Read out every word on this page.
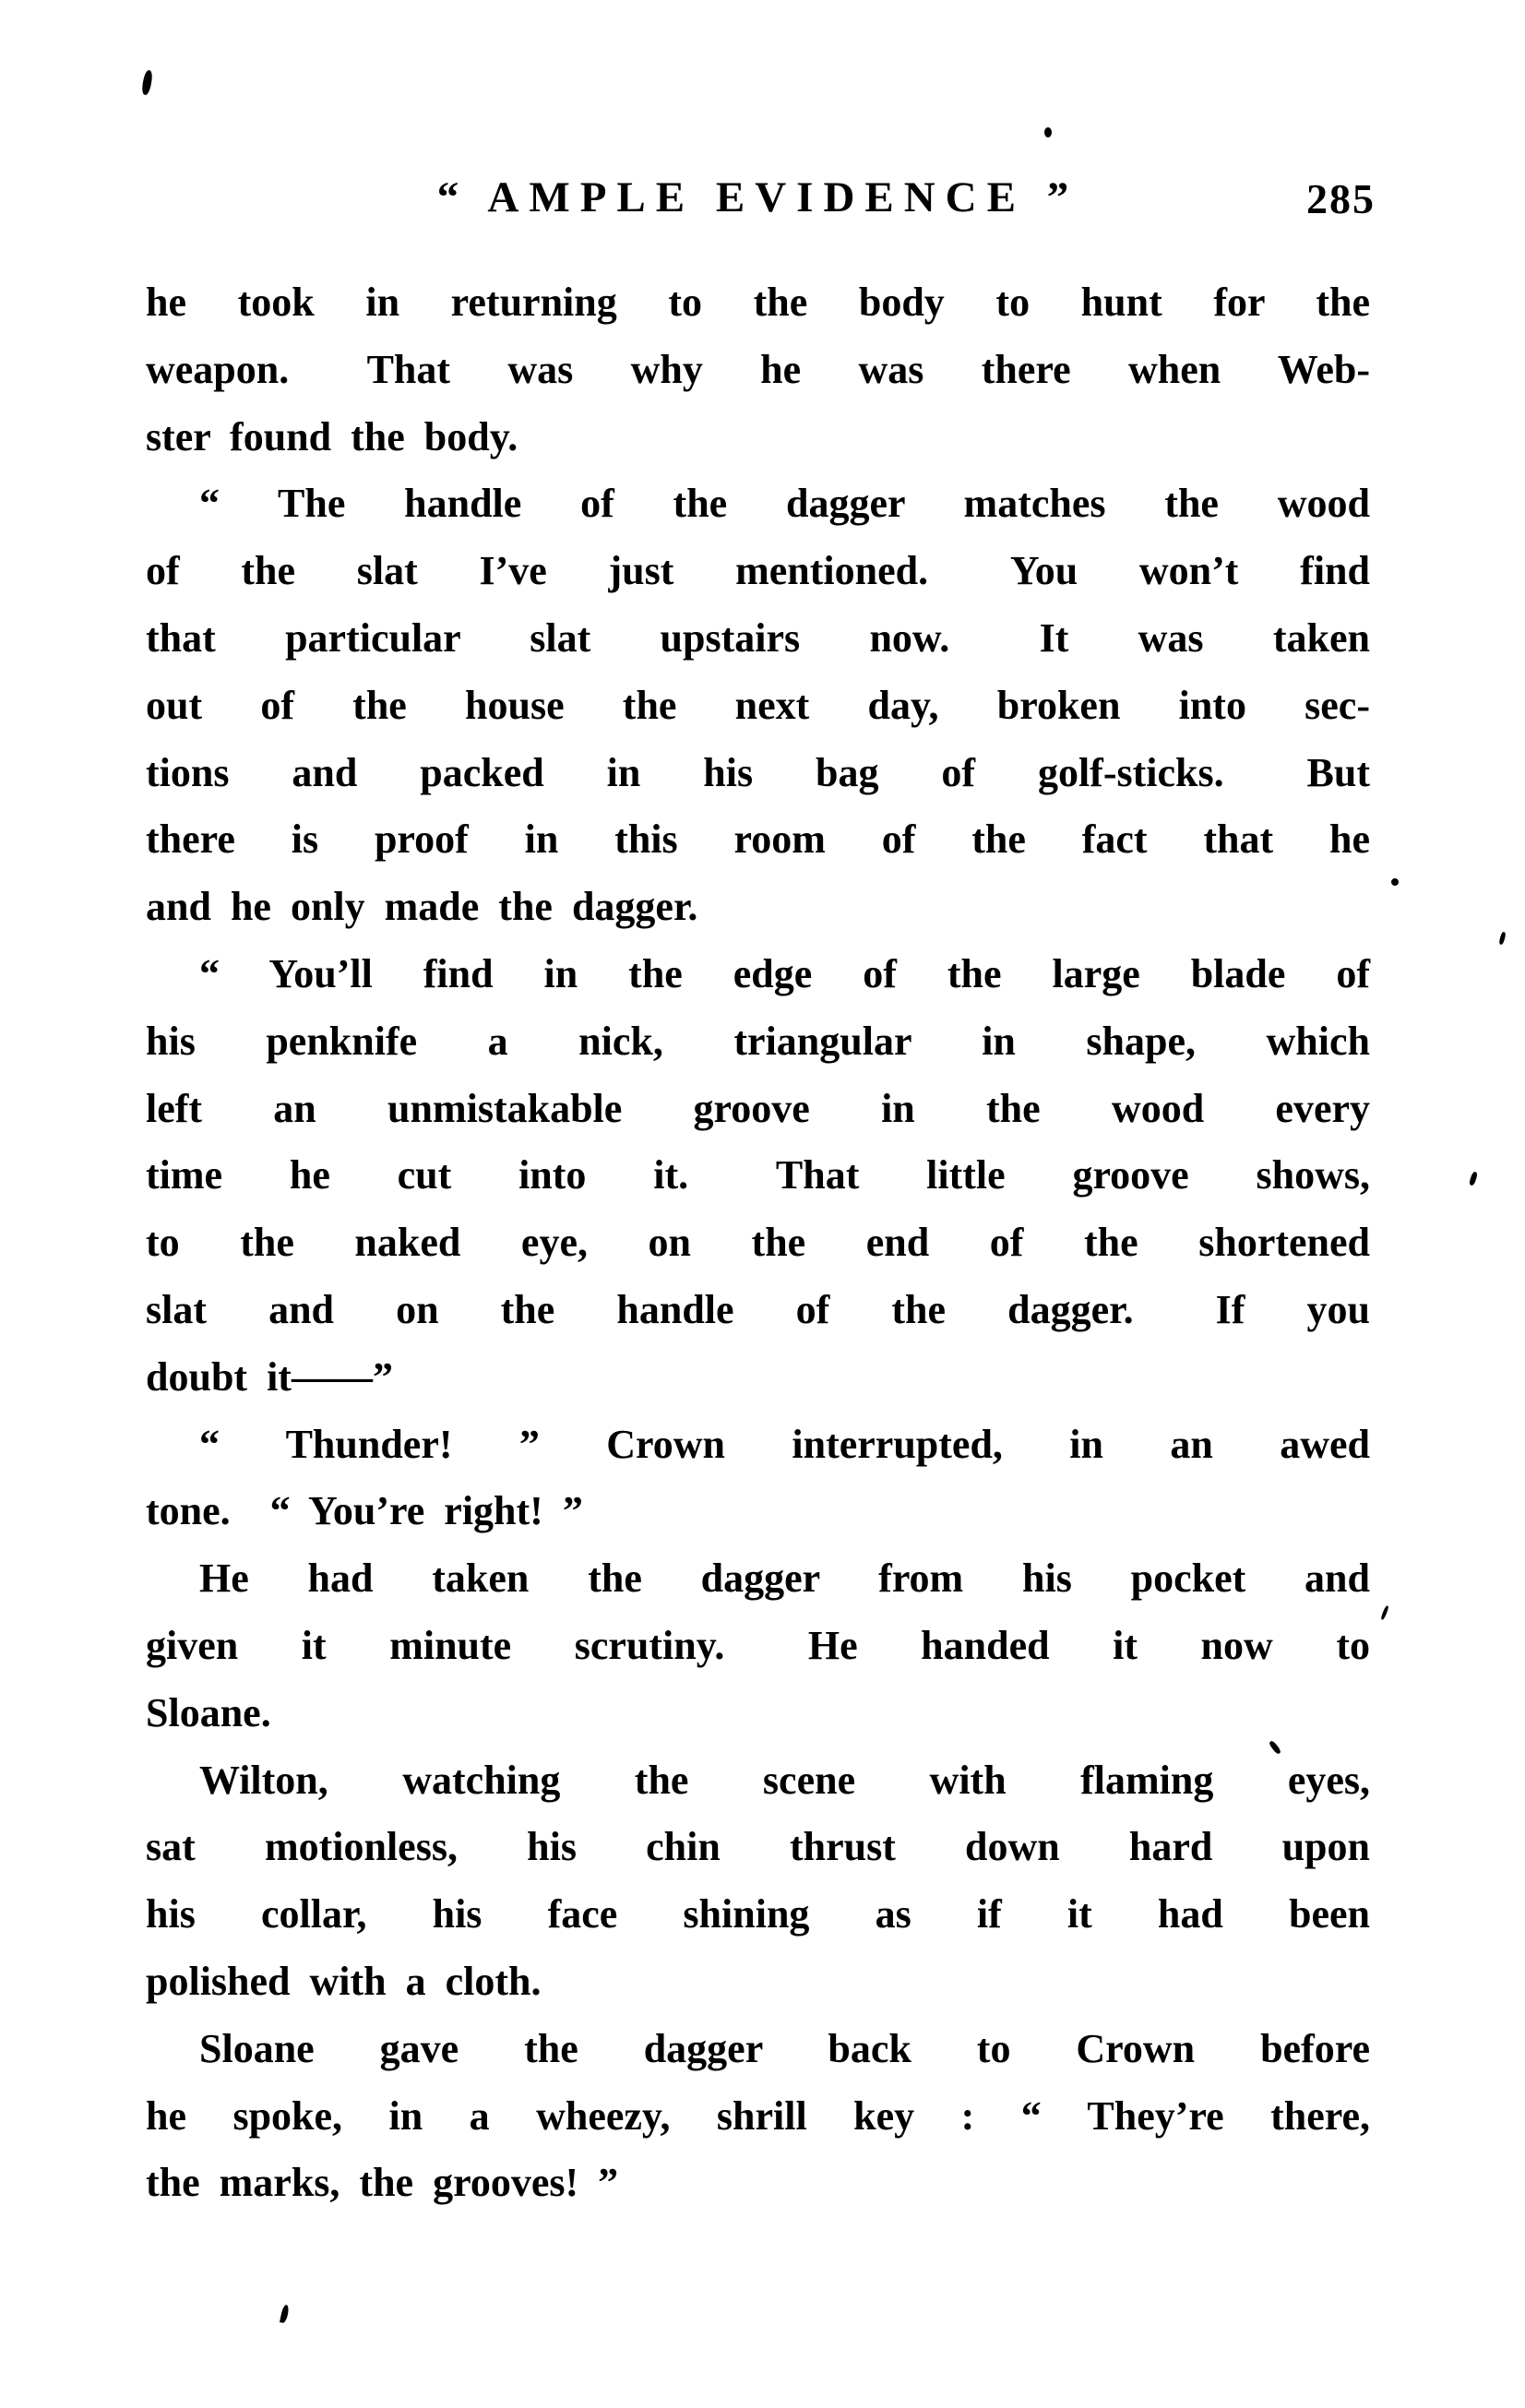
“ AMPLE EVIDENCE ”	285
he took in returning to the body to hunt for the
weapon.  That was why he was there when Web-
ster found the body.
“ The handle of the dagger matches the wood
of the slat I’ve just mentioned.  You won’t find
that particular slat upstairs now.  It was taken
out of the house the next day, broken into sec-
tions and packed in his bag of golf-sticks.  But
there is proof in this room of the fact that he
and he only made the dagger.
“ You’ll find in the edge of the large blade of
his penknife a nick, triangular in shape, which
left an unmistakable groove in the wood every
time he cut into it.  That little groove shows,
to the naked eye, on the end of the shortened
slat and on the handle of the dagger.  If you
doubt it——”
“ Thunder! ” Crown interrupted, in an awed
tone.  “ You’re right! ”
He had taken the dagger from his pocket and
given it minute scrutiny.  He handed it now to
Sloane.
Wilton, watching the scene with flaming eyes,
sat motionless, his chin thrust down hard upon
his collar, his face shining as if it had been
polished with a cloth.
Sloane gave the dagger back to Crown before
he spoke, in a wheezy, shrill key : “ They’re there,
the marks, the grooves! ”
